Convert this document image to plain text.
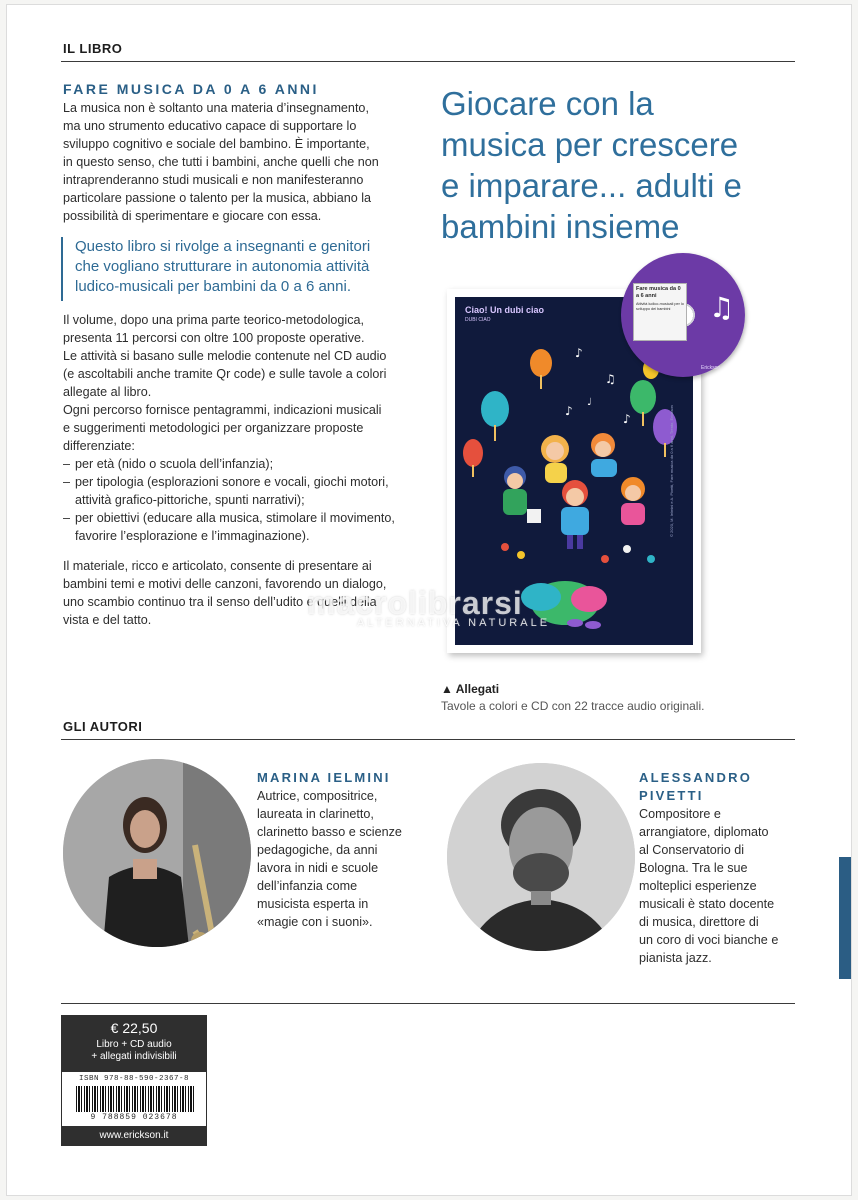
IL LIBRO
FARE MUSICA DA 0 A 6 ANNI
La musica non è soltanto una materia d’insegnamento,
ma uno strumento educativo capace di supportare lo
sviluppo cognitivo e sociale del bambino. È importante,
in questo senso, che tutti i bambini, anche quelli che non
intraprenderanno studi musicali e non manifesteranno
particolare passione o talento per la musica, abbiano la
possibilità di sperimentare e giocare con essa.
Questo libro si rivolge a insegnanti e genitori
che vogliano strutturare in autonomia attività
ludico-musicali per bambini da 0 a 6 anni.
Il volume, dopo una prima parte teorico-metodologica,
presenta 11 percorsi con oltre 100 proposte operative.
Le attività si basano sulle melodie contenute nel CD audio
(e ascoltabili anche tramite Qr code) e sulle tavole a colori
allegate al libro.
Ogni percorso fornisce pentagrammi, indicazioni musicali
e suggerimenti metodologici per organizzare proposte
differenziate:
– per età (nido o scuola dell’infanzia);
– per tipologia (esplorazioni sonore e vocali, giochi motori,
attività grafico-pittoriche, spunti narrativi);
– per obiettivi (educare alla musica, stimolare il movimento,
favorire l’esplorazione e l’immaginazione).
Il materiale, ricco e articolato, consente di presentare ai
bambini temi e motivi delle canzoni, favorendo un dialogo,
uno scambio continuo tra il senso dell’udito e quelli della
vista e del tatto.
Giocare con la
musica per crescere
e imparare... adulti e
bambini insieme
Ciao! Un dubi ciao
DUBI CIAO
♪
♫
♪
♪
♩
© 2020, M. Ielmini e A. Pivetti, Fare musica da 0 a 6 anni, Trento, Erickson
Fare musica da 0 a 6 anni
Attività ludico-musicali per lo sviluppo dei bambini	♫
Erickson
macrolibrarsi
ALTERNATIVA NATURALE
▲ Allegati
Tavole a colori e CD con 22 tracce audio originali.
GLI AUTORI
MARINA IELMINI
Autrice, compositrice,
laureata in clarinetto,
clarinetto basso e scienze
pedagogiche, da anni
lavora in nidi e scuole
dell’infanzia come
musicista esperta in
«magie con i suoni».
ALESSANDRO
PIVETTI
Compositore e
arrangiatore, diplomato
al Conservatorio di
Bologna. Tra le sue
molteplici esperienze
musicali è stato docente
di musica, direttore di
un coro di voci bianche e
pianista jazz.
€ 22,50
Libro + CD audio
+ allegati indivisibili
ISBN 978-88-590-2367-8
9 788859 023678
www.erickson.it
